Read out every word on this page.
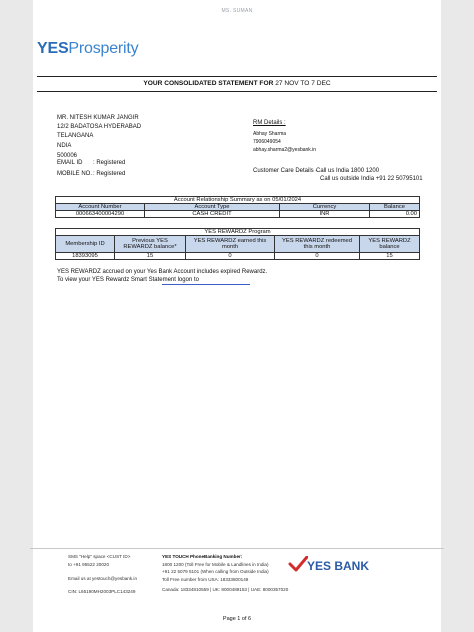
MS. SUMAN
YESProsperity
YOUR CONSOLIDATED STATEMENT FOR 27 NOV TO 7 DEC
MR. NITESH KUMAR JANGIR
12/2 BADATOSA HYDERABAD
TELANGANA
NDIA
500006
EMAIL ID : Registered
MOBILE NO. : Registered
RM Details :
Abhay Sharma
7906049054
abhay.sharma2@yesbank.in
Customer Care Details -
Call us India 1800 1200
Call us outside India +91 22 50795101
Account Relationship Summary as on 05/01/2024			
Account Number	Account Type	Currency	Balance
000663400004290	CASH CREDIT	INR	0.00
YES REWARDZ Program				
Membership ID	Previous YES REWARDZ balance*	YES REWARDZ earned this month	YES REWARDZ redeemed this month	YES REWARDZ balance
18393095	15	0	0	15
YES REWARDZ accrued on your Yes Bank Account includes expired Rewardz.
To view your YES Rewardz Smart Statement logon to
SMS "Help" space <CUST ID>
to +91 95522 20020
Email us at yestouch@yesbank.in
CIN: L65190MH2003PLC143249
YES TOUCH PhoneBanking Number:
1800 1200 (Toll Free for Mobile & Landlines in India)
+91 22 5079 5101 (When calling from Outside India)
Toll Free number from USA: 18333800149
Canada: 18334810559 | UK: 8000489153 | UAE: 8000357020
YES BANK
Page 1 of 6
